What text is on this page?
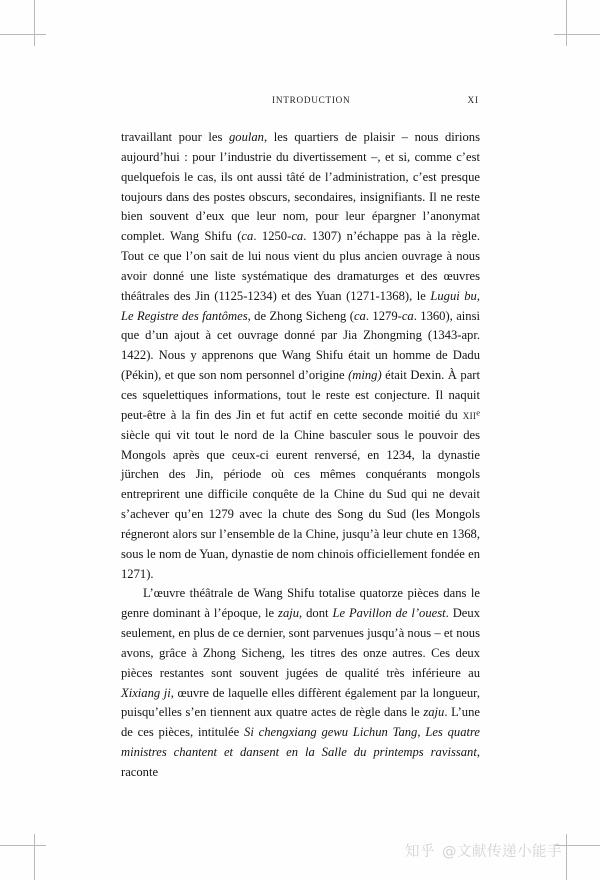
INTRODUCTION	XI

travaillant pour les goulan, les quartiers de plaisir – nous dirions aujourd’hui : pour l’industrie du divertissement –, et si, comme c’est quelquefois le cas, ils ont aussi tâté de l’administration, c’est presque toujours dans des postes obscurs, secondaires, insignifiants. Il ne reste bien souvent d’eux que leur nom, pour leur épargner l’anonymat complet. Wang Shifu (ca. 1250-ca. 1307) n’échappe pas à la règle. Tout ce que l’on sait de lui nous vient du plus ancien ouvrage à nous avoir donné une liste systématique des dramaturges et des œuvres théâtrales des Jin (1125-1234) et des Yuan (1271-1368), le Lugui bu, Le Registre des fantômes, de Zhong Sicheng (ca. 1279-ca. 1360), ainsi que d’un ajout à cet ouvrage donné par Jia Zhongming (1343-apr. 1422). Nous y apprenons que Wang Shifu était un homme de Dadu (Pékin), et que son nom personnel d’origine (ming) était Dexin. À part ces squelettiques informations, tout le reste est conjecture. Il naquit peut-être à la fin des Jin et fut actif en cette seconde moitié du xii$^e$ siècle qui vit tout le nord de la Chine basculer sous le pouvoir des Mongols après que ceux-ci eurent renversé, en 1234, la dynastie jürchen des Jin, période où ces mêmes conquérants mongols entreprirent une difficile conquête de la Chine du Sud qui ne devait s’achever qu’en 1279 avec la chute des Song du Sud (les Mongols régneront alors sur l’ensemble de la Chine, jusqu’à leur chute en 1368, sous le nom de Yuan, dynastie de nom chinois officiellement fondée en 1271).

L’œuvre théâtrale de Wang Shifu totalise quatorze pièces dans le genre dominant à l’époque, le zaju, dont Le Pavillon de l’ouest. Deux seulement, en plus de ce dernier, sont parvenues jusqu’à nous – et nous avons, grâce à Zhong Sicheng, les titres des onze autres. Ces deux pièces restantes sont souvent jugées de qualité très inférieure au Xixiang ji, œuvre de laquelle elles diffèrent également par la longueur, puisqu’elles s’en tiennent aux quatre actes de règle dans le zaju. L’une de ces pièces, intitulée Si chengxiang gewu Lichun Tang, Les quatre ministres chantent et dansent en la Salle du printemps ravissant, raconte

知乎 @文献传递小能手
